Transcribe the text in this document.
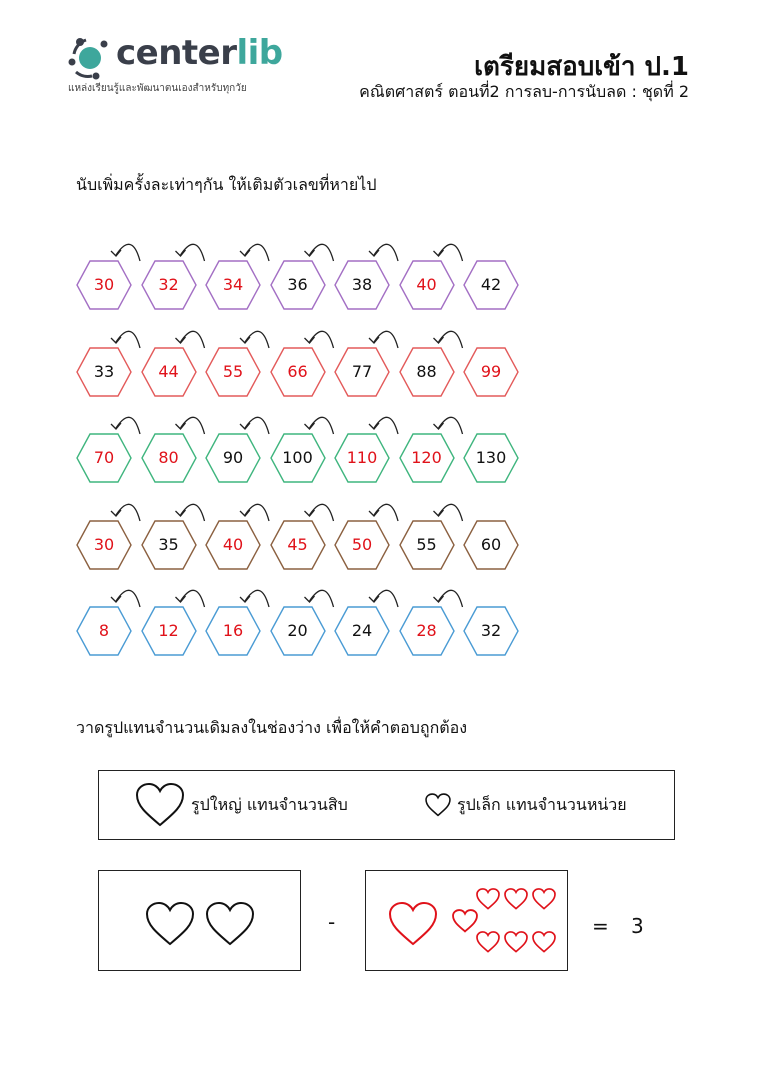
centerlib
แหล่งเรียนรู้และพัฒนาตนเองสำหรับทุกวัย
เตรียมสอบเข้า ป.1
คณิตศาสตร์ ตอนที่2 การลบ-การนับลด : ชุดที่ 2
นับเพิ่มครั้งละเท่าๆกัน ให้เติมตัวเลขที่หายไป
30	32	34	36	38	40	42
33	44	55	66	77	88	99
70	80	90	100	110	120	130
30	35	40	45	50	55	60
8	12	16	20	24	28	32
วาดรูปแทนจำนวนเดิมลงในช่องว่าง เพื่อให้คำตอบถูกต้อง
รูปใหญ่ แทนจำนวนสิบ	รูปเล็ก แทนจำนวนหน่วย
-	= 3
